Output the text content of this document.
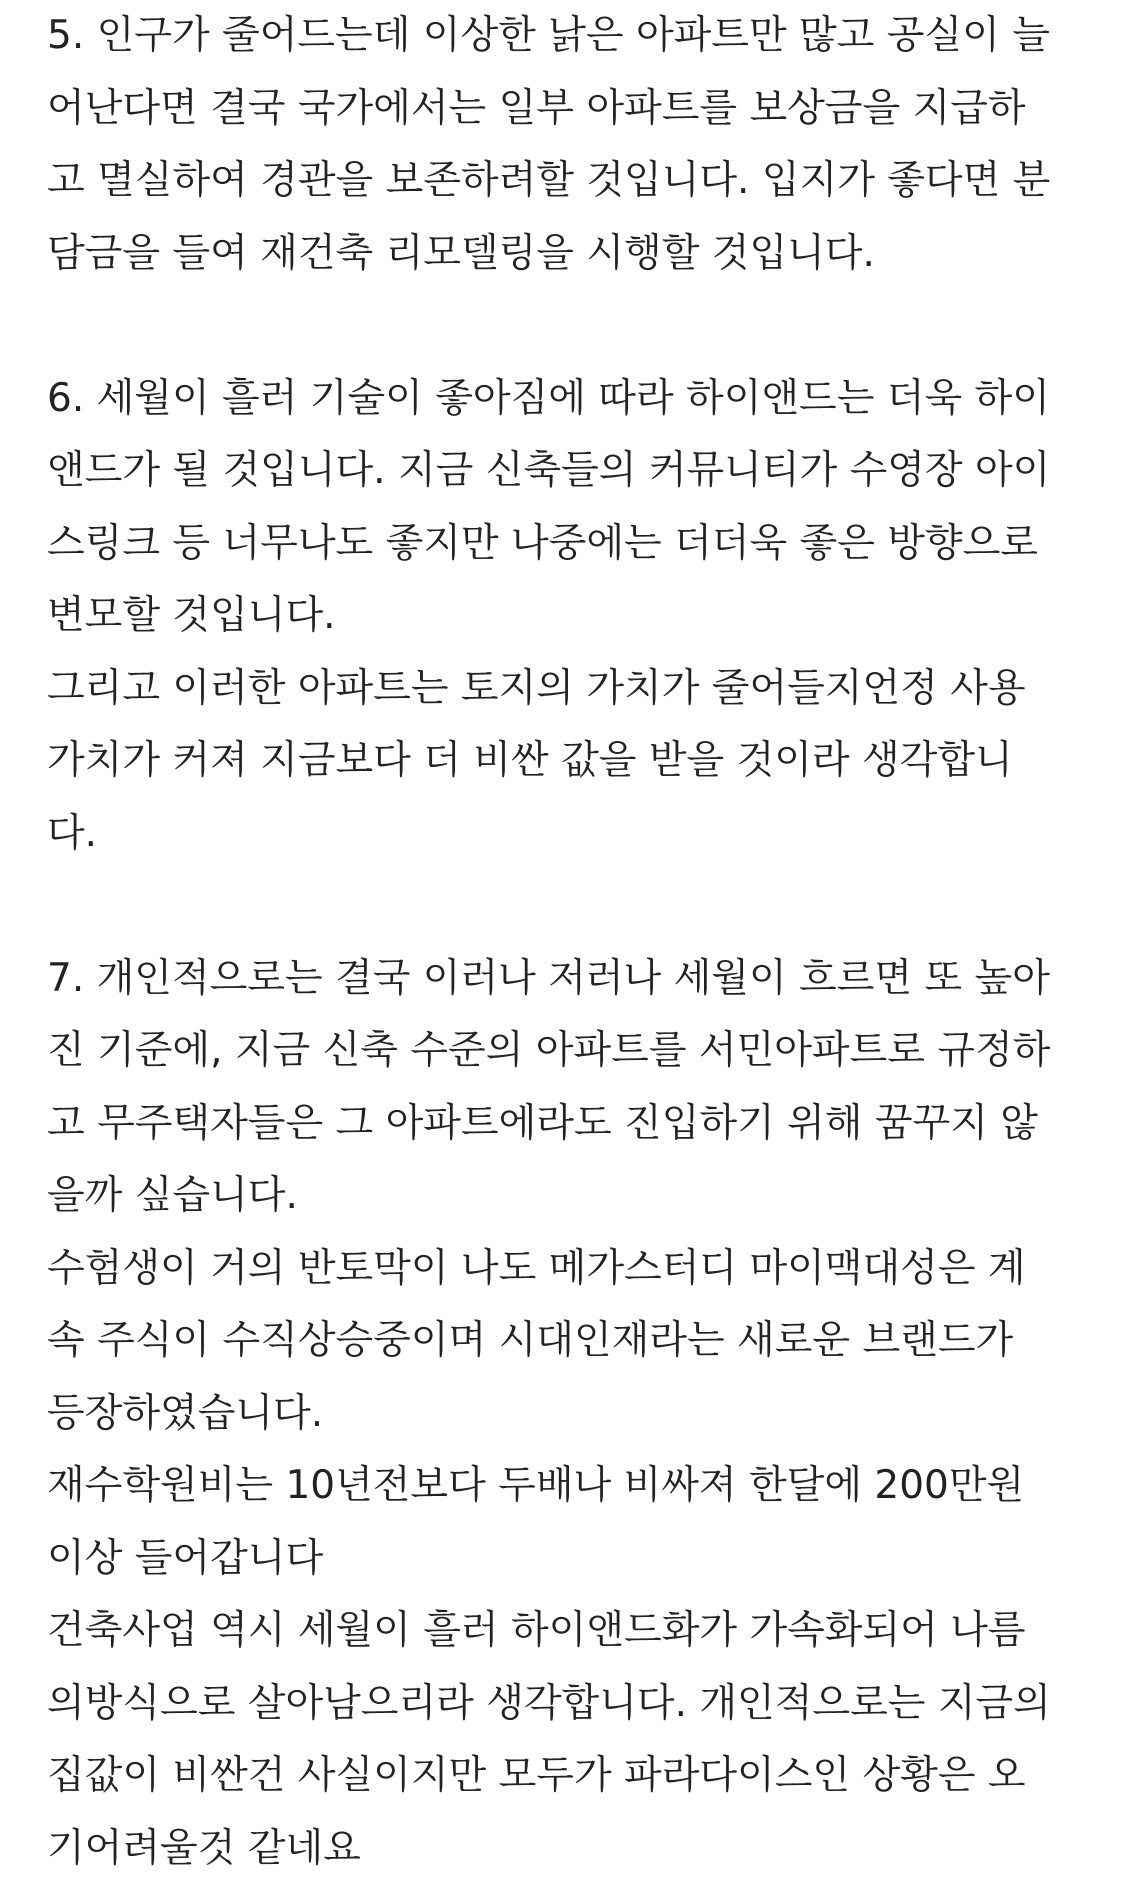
5. 인구가 줄어드는데 이상한 낡은 아파트만 많고 공실이 늘
어난다면 결국 국가에서는 일부 아파트를 보상금을 지급하
고 멸실하여 경관을 보존하려할 것입니다. 입지가 좋다면 분
담금을 들여 재건축 리모델링을 시행할 것입니다.
6. 세월이 흘러 기술이 좋아짐에 따라 하이앤드는 더욱 하이
앤드가 될 것입니다. 지금 신축들의 커뮤니티가 수영장 아이
스링크 등 너무나도 좋지만 나중에는 더더욱 좋은 방향으로
변모할 것입니다.
그리고 이러한 아파트는 토지의 가치가 줄어들지언정 사용
가치가 커져 지금보다 더 비싼 값을 받을 것이라 생각합니
다.
7. 개인적으로는 결국 이러나 저러나 세월이 흐르면 또 높아
진 기준에, 지금 신축 수준의 아파트를 서민아파트로 규정하
고 무주택자들은 그 아파트에라도 진입하기 위해 꿈꾸지 않
을까 싶습니다.
수험생이 거의 반토막이 나도 메가스터디 마이맥대성은 계
속 주식이 수직상승중이며 시대인재라는 새로운 브랜드가
등장하였습니다.
재수학원비는 10년전보다 두배나 비싸져 한달에 200만원
이상 들어갑니다
건축사업 역시 세월이 흘러 하이앤드화가 가속화되어 나름
의방식으로 살아남으리라 생각합니다. 개인적으로는 지금의
집값이 비싼건 사실이지만 모두가 파라다이스인 상황은 오
기어려울것 같네요
